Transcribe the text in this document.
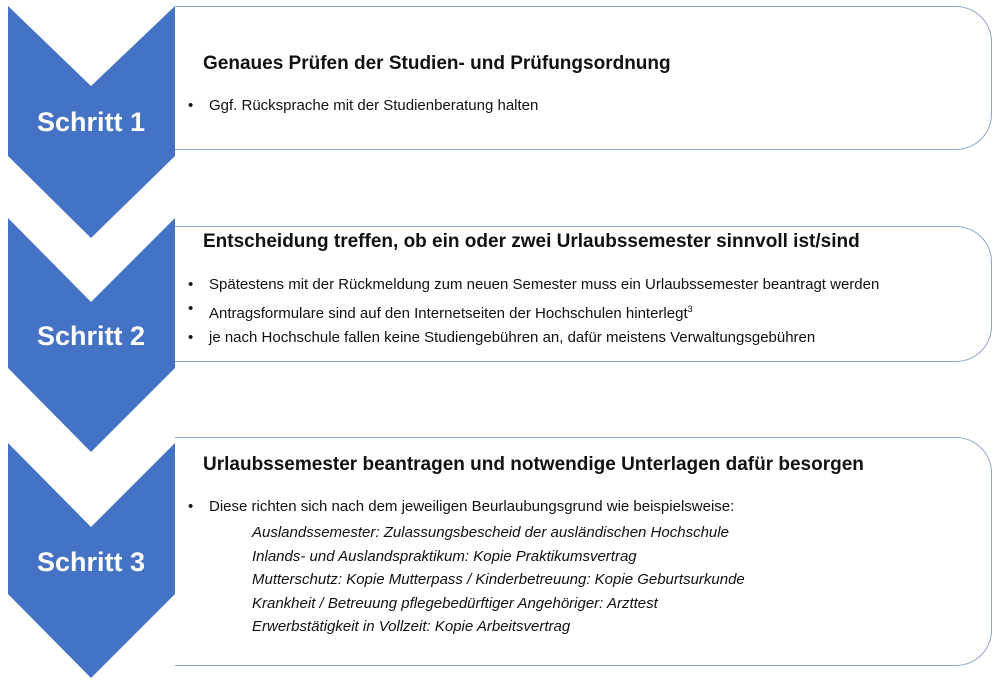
Schritt 1
Schritt 2
Schritt 3
Genaues Prüfen der Studien- und Prüfungsordnung
• Ggf. Rücksprache mit der Studienberatung halten
Entscheidung treffen, ob ein oder zwei Urlaubssemester sinnvoll ist/sind
• Spätestens mit der Rückmeldung zum neuen Semester muss ein Urlaubssemester beantragt werden
• Antragsformulare sind auf den Internetseiten der Hochschulen hinterlegt$^3$
• je nach Hochschule fallen keine Studiengebühren an, dafür meistens Verwaltungsgebühren
Urlaubssemester beantragen und notwendige Unterlagen dafür besorgen
• Diese richten sich nach dem jeweiligen Beurlaubungsgrund wie beispielsweise:
Auslandssemester: Zulassungsbescheid der ausländischen Hochschule
Inlands- und Auslandspraktikum: Kopie Praktikumsvertrag
Mutterschutz: Kopie Mutterpass / Kinderbetreuung: Kopie Geburtsurkunde
Krankheit / Betreuung pflegebedürftiger Angehöriger: Arzttest
Erwerbstätigkeit in Vollzeit: Kopie Arbeitsvertrag
